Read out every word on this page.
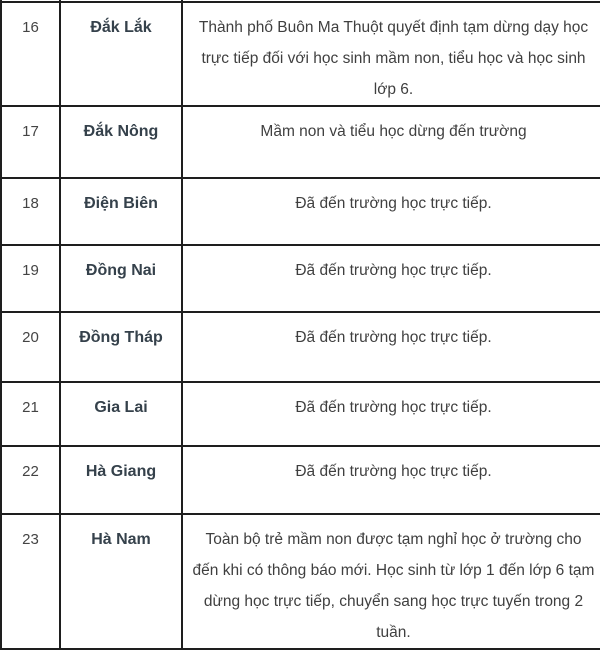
16	Đắk Lắk	Thành phố Buôn Ma Thuột quyết định tạm dừng dạy học trực tiếp đối với học sinh mầm non, tiểu học và học sinh lớp 6.
17	Đắk Nông	Mầm non và tiểu học dừng đến trường
18	Điện Biên	Đã đến trường học trực tiếp.
19	Đồng Nai	Đã đến trường học trực tiếp.
20	Đồng Tháp	Đã đến trường học trực tiếp.
21	Gia Lai	Đã đến trường học trực tiếp.
22	Hà Giang	Đã đến trường học trực tiếp.
23	Hà Nam	Toàn bộ trẻ mầm non được tạm nghỉ học ở trường cho đến khi có thông báo mới. Học sinh từ lớp 1 đến lớp 6 tạm dừng học trực tiếp, chuyển sang học trực tuyến trong 2 tuần.
